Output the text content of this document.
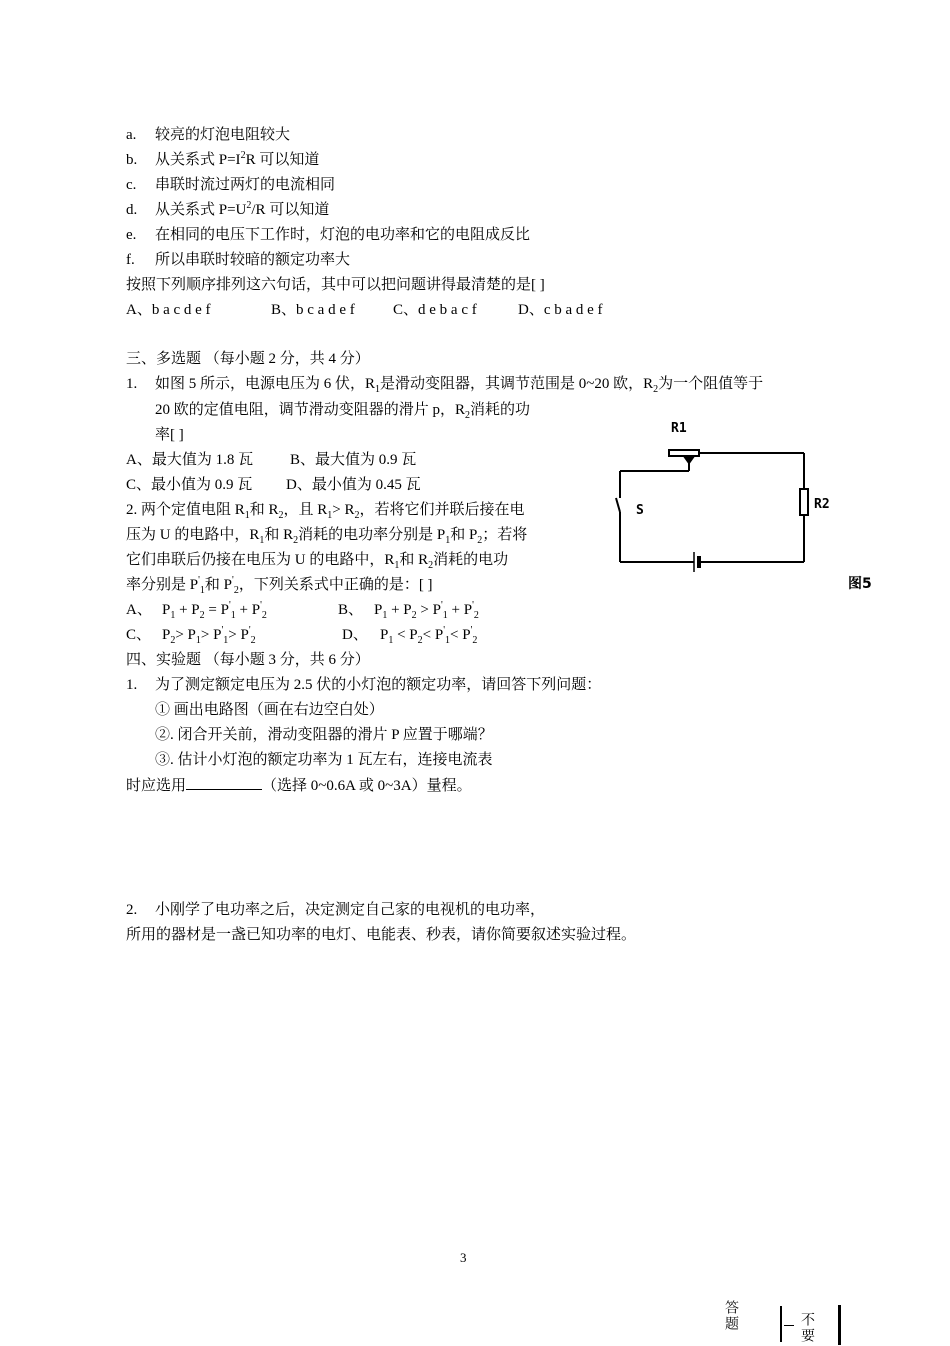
a. 较亮的灯泡电阻较大
b. 从关系式 $P=I^2R$ 可以知道
c. 串联时流过两灯的电流相同
d. 从关系式 $P=U^2/R$ 可以知道
e. 在相同的电压下工作时，灯泡的电功率和它的电阻成反比
f. 所以串联时较暗的额定功率大
按照下列顺序排列这六句话，其中可以把问题讲得最清楚的是[ ]
A、b a c d e f	B、b c a d e f	C、d e b a c f	D、c b a d e f
三、多选题 （每小题 2 分，共 4 分）
1. 如图 5 所示，电源电压为 6 伏，$R_1$是滑动变阻器，其调节范围是 0~20 欧，$R_2$为一个阻值等于
20 欧的定值电阻，调节滑动变阻器的滑片 p，$R_2$消耗的功
率[ ]
A、最大值为 1.8 瓦 B、最大值为 0.9 瓦
C、最小值为 0.9 瓦 D、最小值为 0.45 瓦
2. 两个定值电阻 $R_1$和 $R_2$，且 $R_1> R_2$，若将它们并联后接在电
压为 U 的电路中，$R_1$和 $R_2$消耗的电功率分别是 $P_1$和 $P_2$；若将
它们串联后仍接在电压为 U 的电路中，$R_1$和 $R_2$消耗的电功
率分别是 $P'_1$和 $P'_2$，下列关系式中正确的是：[ ]
A、 $P_1 + P_2 = P'_1 + P'_2$	B、 $P_1 + P_2 > P'_1 + P'_2$
C、 $P_2> P_1> P'_1> P'_2$	D、 $P_1 < P_2< P'_1< P'_2$
四、实验题 （每小题 3 分，共 6 分）
1. 为了测定额定电压为 2.5 伏的小灯泡的额定功率，请回答下列问题：
① 画出电路图（画在右边空白处）
②. 闭合开关前，滑动变阻器的滑片 P 应置于哪端？
③. 估计小灯泡的额定功率为 1 瓦左右，连接电流表
时应选用	（选择 0~0.6A 或 0~3A）量程。
2. 小刚学了电功率之后，决定测定自己家的电视机的电功率，
所用的器材是一盏已知功率的电灯、电能表、秒表，请你简要叙述实验过程。
R1
R2
S
图5
3
答题	不要
